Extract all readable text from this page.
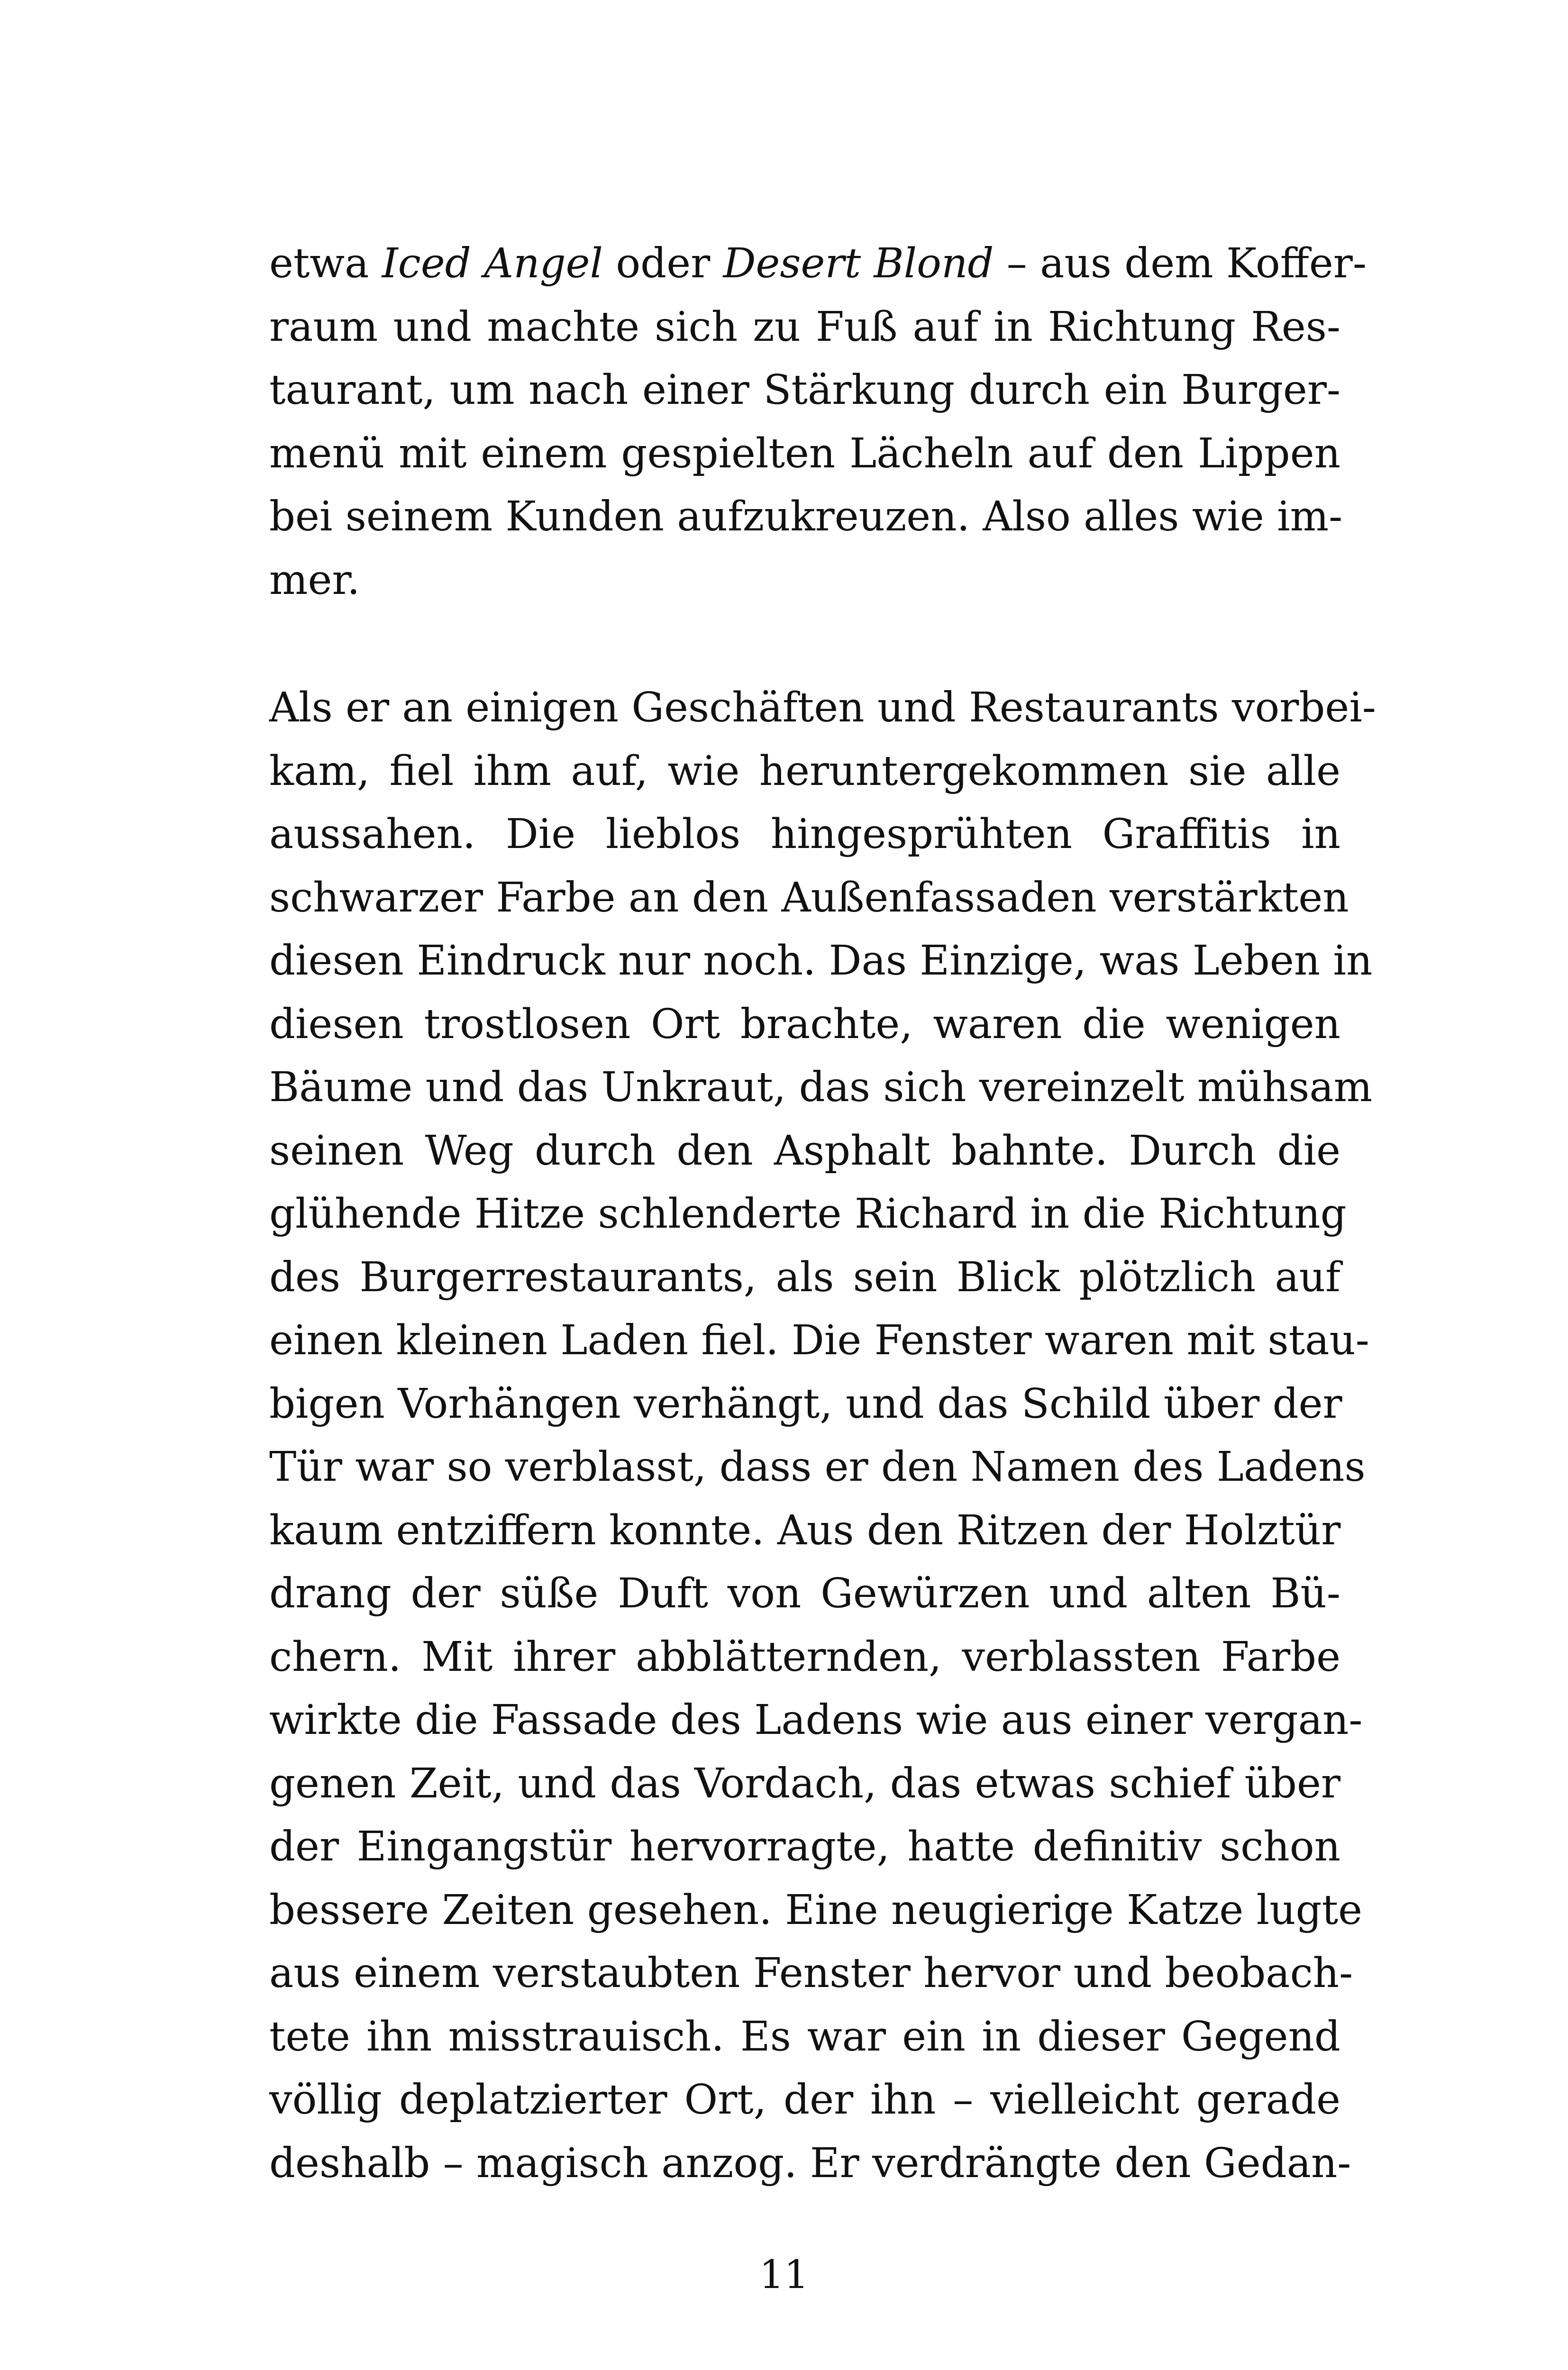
etwa Iced Angel oder Desert Blond – aus dem Koffer-
raum und machte sich zu Fuß auf in Richtung Res-
taurant, um nach einer Stärkung durch ein Burger-
menü mit einem gespielten Lächeln auf den Lippen
bei seinem Kunden aufzukreuzen. Also alles wie im-
mer.
Als er an einigen Geschäften und Restaurants vorbei-
kam, fiel ihm auf, wie heruntergekommen sie alle
aussahen. Die lieblos hingesprühten Graffitis in
schwarzer Farbe an den Außenfassaden verstärkten
diesen Eindruck nur noch. Das Einzige, was Leben in
diesen trostlosen Ort brachte, waren die wenigen
Bäume und das Unkraut, das sich vereinzelt mühsam
seinen Weg durch den Asphalt bahnte. Durch die
glühende Hitze schlenderte Richard in die Richtung
des Burgerrestaurants, als sein Blick plötzlich auf
einen kleinen Laden fiel. Die Fenster waren mit stau-
bigen Vorhängen verhängt, und das Schild über der
Tür war so verblasst, dass er den Namen des Ladens
kaum entziffern konnte. Aus den Ritzen der Holztür
drang der süße Duft von Gewürzen und alten Bü-
chern. Mit ihrer abblätternden, verblassten Farbe
wirkte die Fassade des Ladens wie aus einer vergan-
genen Zeit, und das Vordach, das etwas schief über
der Eingangstür hervorragte, hatte definitiv schon
bessere Zeiten gesehen. Eine neugierige Katze lugte
aus einem verstaubten Fenster hervor und beobach-
tete ihn misstrauisch. Es war ein in dieser Gegend
völlig deplatzierter Ort, der ihn – vielleicht gerade
deshalb – magisch anzog. Er verdrängte den Gedan-
11
